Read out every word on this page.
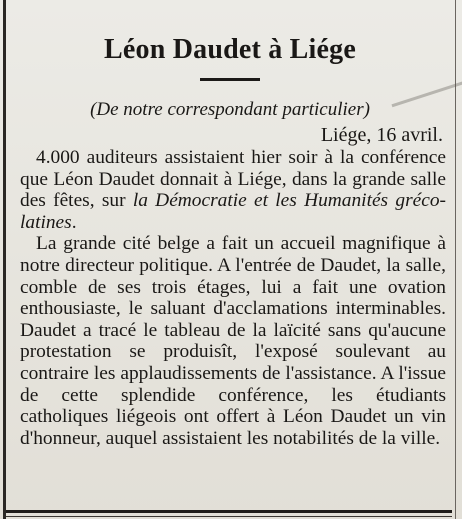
Léon Daudet à Liége
(De notre correspondant particulier)
Liége, 16 avril.

4.000 auditeurs assistaient hier soir à la conférence que Léon Daudet donnait à Liége, dans la grande salle des fêtes, sur la Démocratie et les Humanités gréco-latines.

La grande cité belge a fait un accueil magnifique à notre directeur politique. A l'entrée de Daudet, la salle, comble de ses trois étages, lui a fait une ovation enthousiaste, le saluant d'acclamations interminables. Daudet a tracé le tableau de la laïcité sans qu'aucune protestation se produisît, l'exposé soulevant au contraire les applaudissements de l'assistance. A l'issue de cette splendide conférence, les étudiants catholiques liégeois ont offert à Léon Daudet un vin d'honneur, auquel assistaient les notabilités de la ville.
